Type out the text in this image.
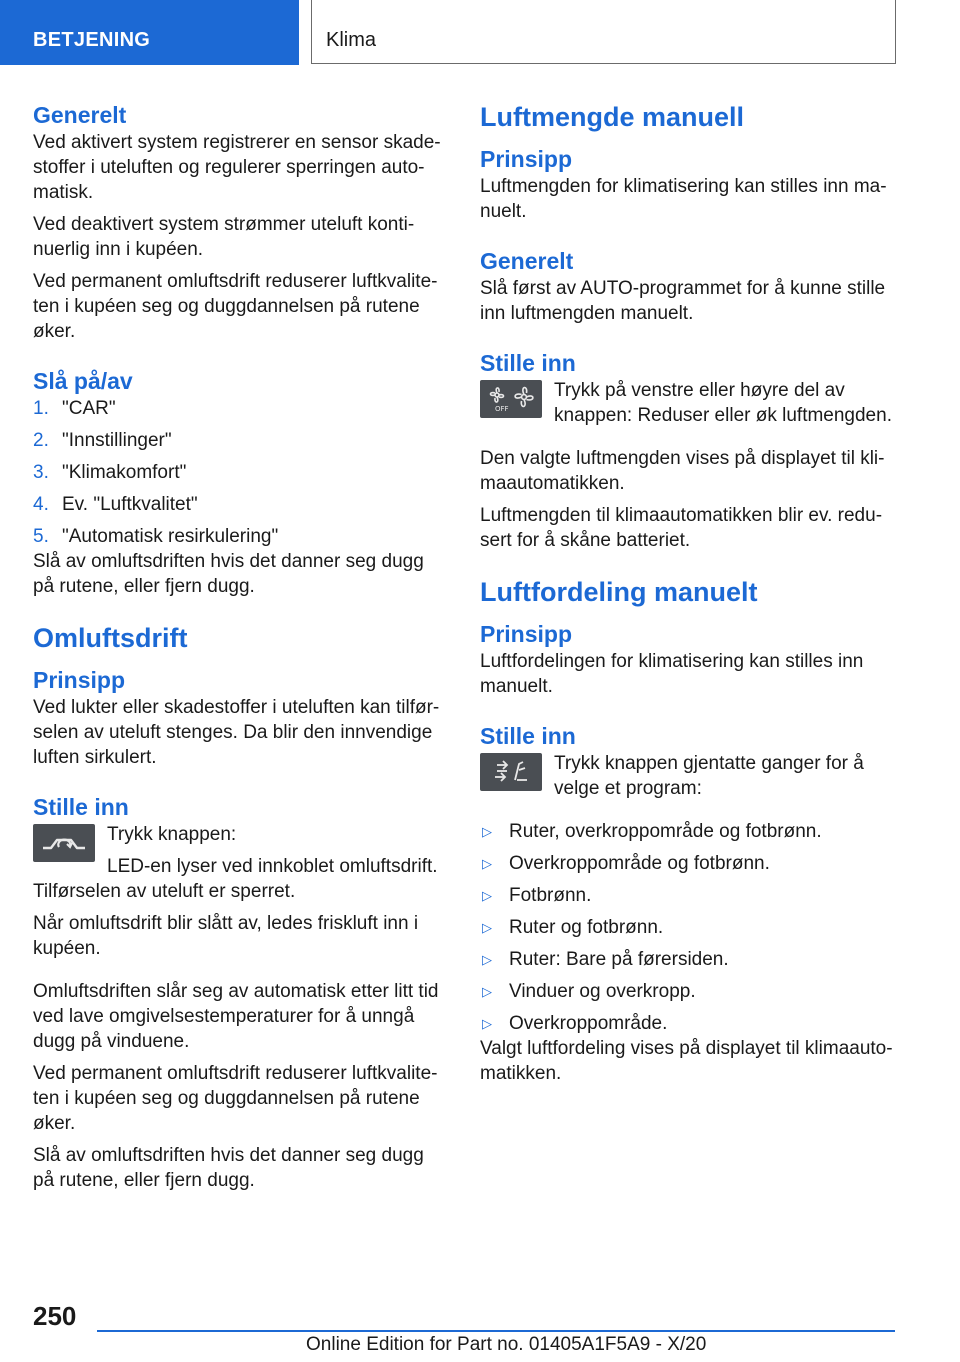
BETJENING	Klima
Generelt

Ved aktivert system registrerer en sensor skadestoffer i uteluften og regulerer sperringen automatisk.

Ved deaktivert system strømmer uteluft kontinuerlig inn i kupéen.

Ved permanent omluftsdrift reduserer luftkvaliteten i kupéen seg og duggdannelsen på rutene øker.

Slå på/av
1. "CAR"
2. "Innstillinger"
3. "Klimakomfort"
4. Ev. "Luftkvalitet"
5. "Automatisk resirkulering"

Slå av omluftsdriften hvis det danner seg dugg på rutene, eller fjern dugg.

Omluftsdrift
Prinsipp

Ved lukter eller skadestoffer i uteluften kan tilførselen av uteluft stenges. Da blir den innvendige luften sirkulert.

Stille inn

Trykk knappen:

LED-en lyser ved innkoblet omluftsdrift.

Tilførselen av uteluft er sperret.

Når omluftsdrift blir slått av, ledes friskluft inn i kupéen.

Omluftsdriften slår seg av automatisk etter litt tid ved lave omgivelsestemperaturer for å unngå dugg på vinduene.

Ved permanent omluftsdrift reduserer luftkvaliteten i kupéen seg og duggdannelsen på rutene øker.

Slå av omluftsdriften hvis det danner seg dugg på rutene, eller fjern dugg.

Luftmengde manuell
Prinsipp

Luftmengden for klimatisering kan stilles inn manuelt.

Generelt

Slå først av AUTO-programmet for å kunne stille inn luftmengden manuelt.

Stille inn
OFF

Trykk på venstre eller høyre del av knappen: Reduser eller øk luftmengden.

Den valgte luftmengden vises på displayet til klimaautomatikken.

Luftmengden til klimaautomatikken blir ev. redusert for å skåne batteriet.

Luftfordeling manuelt
Prinsipp

Luftfordelingen for klimatisering kan stilles inn manuelt.

Stille inn

Trykk knappen gjentatte ganger for å velge et program:

▷ Ruter, overkroppområde og fotbrønn.
▷ Overkroppområde og fotbrønn.
▷ Fotbrønn.
▷ Ruter og fotbrønn.
▷ Ruter: Bare på førersiden.
▷ Vinduer og overkropp.
▷ Overkroppområde.

Valgt luftfordeling vises på displayet til klimaautomatikken.

250
Online Edition for Part no. 01405A1F5A9 - X/20
